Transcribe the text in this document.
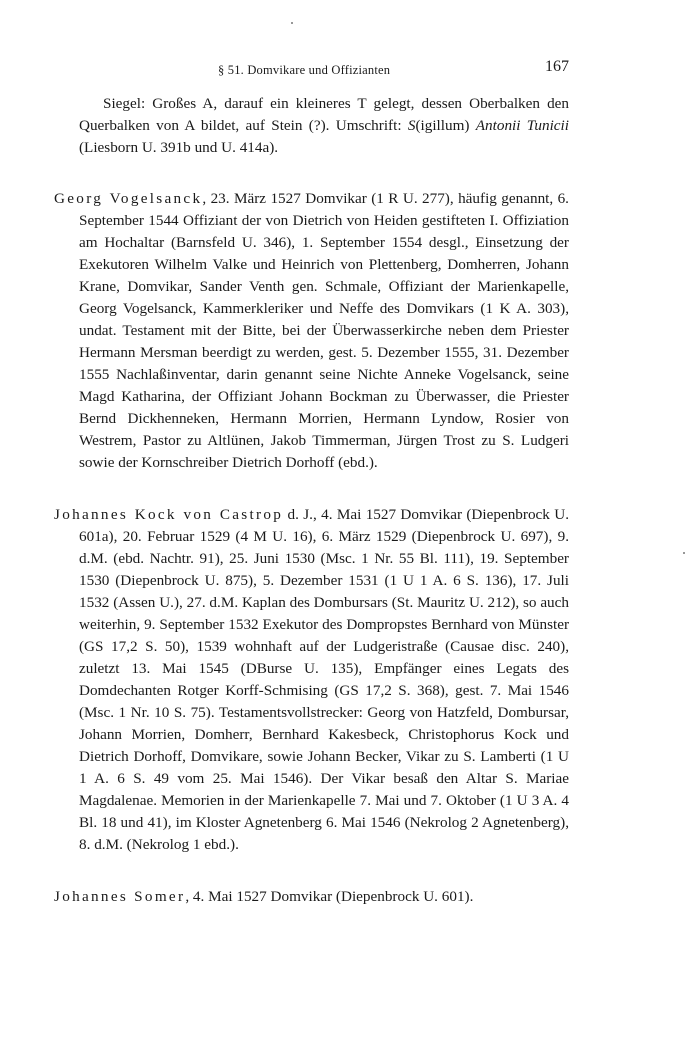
§ 51. Domvikare und Offizianten	167

Siegel: Großes A, darauf ein kleineres T gelegt, dessen Oberbalken den Querbalken von A bildet, auf Stein (?). Umschrift: S(igillum) Antonii Tunicii (Liesborn U. 391b und U. 414a).

Georg Vogelsanck, 23. März 1527 Domvikar (1 R U. 277), häufig genannt, 6. September 1544 Offiziant der von Dietrich von Heiden gestifteten I. Offiziation am Hochaltar (Barnsfeld U. 346), 1. September 1554 desgl., Einsetzung der Exekutoren Wilhelm Valke und Heinrich von Plettenberg, Domherren, Johann Krane, Domvikar, Sander Venth gen. Schmale, Offiziant der Marienkapelle, Georg Vogelsanck, Kammerkleriker und Neffe des Domvikars (1 K A. 303), undat. Testament mit der Bitte, bei der Überwasserkirche neben dem Priester Hermann Mersman beerdigt zu werden, gest. 5. Dezember 1555, 31. Dezember 1555 Nachlaßinventar, darin genannt seine Nichte Anneke Vogelsanck, seine Magd Katharina, der Offiziant Johann Bockman zu Überwasser, die Priester Bernd Dickhenneken, Hermann Morrien, Hermann Lyndow, Rosier von Westrem, Pastor zu Altlünen, Jakob Timmerman, Jürgen Trost zu S. Ludgeri sowie der Kornschreiber Dietrich Dorhoff (ebd.).

Johannes Kock von Castrop d. J., 4. Mai 1527 Domvikar (Diepenbrock U. 601a), 20. Februar 1529 (4 M U. 16), 6. März 1529 (Diepenbrock U. 697), 9. d.M. (ebd. Nachtr. 91), 25. Juni 1530 (Msc. 1 Nr. 55 Bl. 111), 19. September 1530 (Diepenbrock U. 875), 5. Dezember 1531 (1 U 1 A. 6 S. 136), 17. Juli 1532 (Assen U.), 27. d.M. Kaplan des Dombursars (St. Mauritz U. 212), so auch weiterhin, 9. September 1532 Exekutor des Dompropstes Bernhard von Münster (GS 17,2 S. 50), 1539 wohnhaft auf der Ludgeristraße (Causae disc. 240), zuletzt 13. Mai 1545 (DBurse U. 135), Empfänger eines Legats des Domdechanten Rotger Korff-Schmising (GS 17,2 S. 368), gest. 7. Mai 1546 (Msc. 1 Nr. 10 S. 75). Testamentsvollstrecker: Georg von Hatzfeld, Dombursar, Johann Morrien, Domherr, Bernhard Kakesbeck, Christophorus Kock und Dietrich Dorhoff, Domvikare, sowie Johann Becker, Vikar zu S. Lamberti (1 U 1 A. 6 S. 49 vom 25. Mai 1546). Der Vikar besaß den Altar S. Mariae Magdalenae. Memorien in der Marienkapelle 7. Mai und 7. Oktober (1 U 3 A. 4 Bl. 18 und 41), im Kloster Agnetenberg 6. Mai 1546 (Nekrolog 2 Agnetenberg), 8. d.M. (Nekrolog 1 ebd.).

Johannes Somer, 4. Mai 1527 Domvikar (Diepenbrock U. 601).
